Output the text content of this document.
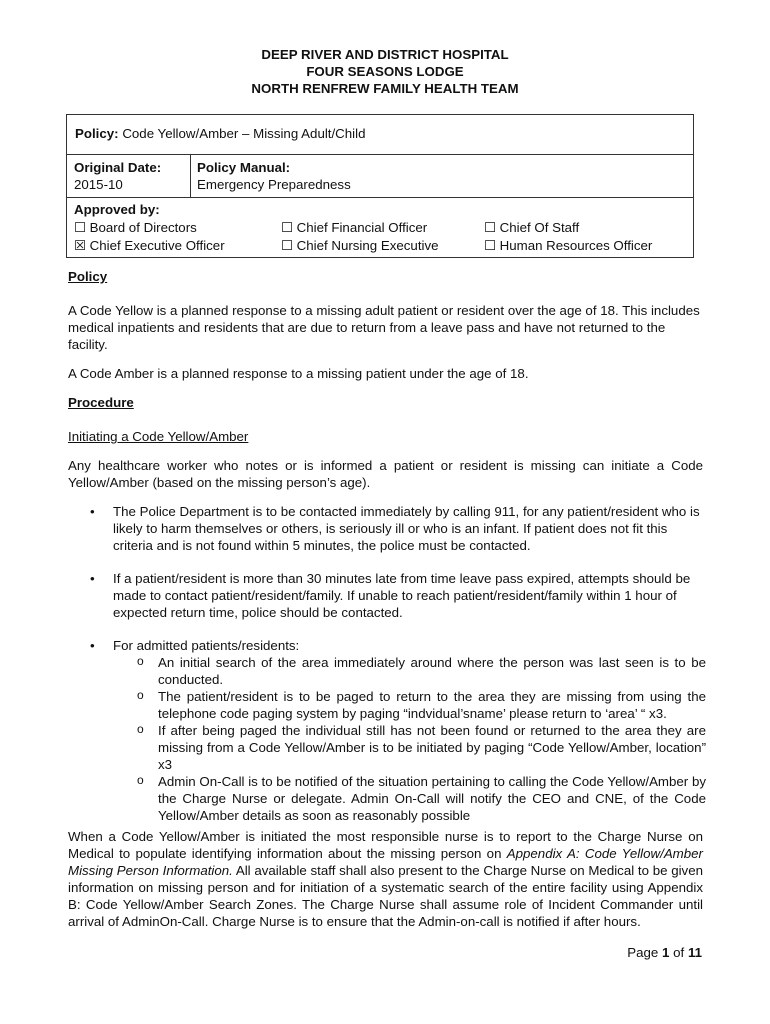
DEEP RIVER AND DISTRICT HOSPITAL
FOUR SEASONS LODGE
NORTH RENFREW FAMILY HEALTH TEAM
Policy: Code Yellow/Amber – Missing Adult/Child
Original Date:
2015-10
Policy Manual:
Emergency Preparedness
Approved by:
☐ Board of Directors	☐ Chief Financial Officer	☐ Chief Of Staff
☒ Chief Executive Officer	☐ Chief Nursing Executive	☐ Human Resources Officer

Policy

A Code Yellow is a planned response to a missing adult patient or resident over the age of 18. This includes medical inpatients and residents that are due to return from a leave pass and have not returned to the facility.

A Code Amber is a planned response to a missing patient under the age of 18.

Procedure

Initiating a Code Yellow/Amber

Any healthcare worker who notes or is informed a patient or resident is missing can initiate a Code Yellow/Amber (based on the missing person’s age).

• The Police Department is to be contacted immediately by calling 911, for any patient/resident who is likely to harm themselves or others, is seriously ill or who is an infant. If patient does not fit this criteria and is not found within 5 minutes, the police must be contacted.
• If a patient/resident is more than 30 minutes late from time leave pass expired, attempts should be made to contact patient/resident/family. If unable to reach patient/resident/family within 1 hour of expected return time, police should be contacted.
• For admitted patients/residents:
o An initial search of the area immediately around where the person was last seen is to be conducted.
o The patient/resident is to be paged to return to the area they are missing from using the telephone code paging system by paging “indvidual’sname’ please return to ‘area’ “ x3.
o If after being paged the individual still has not been found or returned to the area they are missing from a Code Yellow/Amber is to be initiated by paging “Code Yellow/Amber, location” x3
o Admin On-Call is to be notified of the situation pertaining to calling the Code Yellow/Amber by the Charge Nurse or delegate. Admin On-Call will notify the CEO and CNE, of the Code Yellow/Amber details as soon as reasonably possible

When a Code Yellow/Amber is initiated the most responsible nurse is to report to the Charge Nurse on Medical to populate identifying information about the missing person on Appendix A: Code Yellow/Amber Missing Person Information. All available staff shall also present to the Charge Nurse on Medical to be given information on missing person and for initiation of a systematic search of the entire facility using Appendix B: Code Yellow/Amber Search Zones. The Charge Nurse shall assume role of Incident Commander until arrival of AdminOn-Call. Charge Nurse is to ensure that the Admin-on-call is notified if after hours.

Page 1 of 11
